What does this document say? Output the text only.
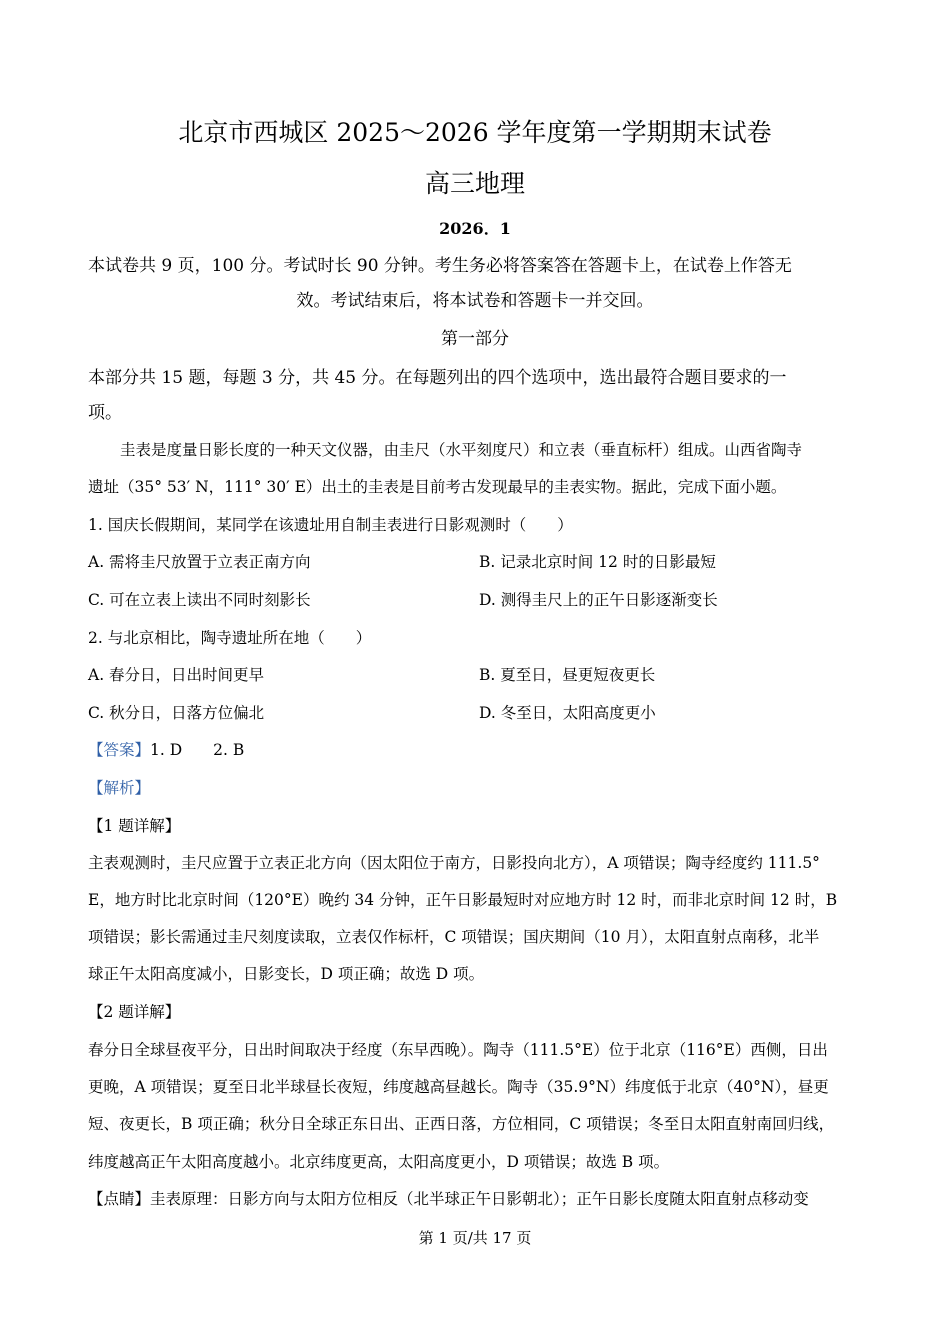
北京市西城区 2025～2026 学年度第一学期期末试卷
高三地理
2026．1
本试卷共 9 页，100 分。考试时长 90 分钟。考生务必将答案答在答题卡上，在试卷上作答无
效。考试结束后，将本试卷和答题卡一并交回。
第一部分
本部分共 15 题，每题 3 分，共 45 分。在每题列出的四个选项中，选出最符合题目要求的一
项。
圭表是度量日影长度的一种天文仪器，由圭尺（水平刻度尺）和立表（垂直标杆）组成。山西省陶寺
遗址（35° 53′ N，111° 30′ E）出土的圭表是目前考古发现最早的圭表实物。据此，完成下面小题。
1. 国庆长假期间，某同学在该遗址用自制圭表进行日影观测时（　　）
A. 需将圭尺放置于立表正南方向	B. 记录北京时间 12 时的日影最短
C. 可在立表上读出不同时刻影长	D. 测得圭尺上的正午日影逐渐变长
2. 与北京相比，陶寺遗址所在地（　　）
A. 春分日，日出时间更早	B. 夏至日，昼更短夜更长
C. 秋分日，日落方位偏北	D. 冬至日，太阳高度更小
【答案】1. D　　2. B
【解析】
【1 题详解】
主表观测时，圭尺应置于立表正北方向（因太阳位于南方，日影投向北方），A 项错误；陶寺经度约 111.5°
E，地方时比北京时间（120°E）晚约 34 分钟，正午日影最短时对应地方时 12 时，而非北京时间 12 时，B
项错误；影长需通过圭尺刻度读取，立表仅作标杆，C 项错误；国庆期间（10 月），太阳直射点南移，北半
球正午太阳高度减小，日影变长，D 项正确；故选 D 项。
【2 题详解】
春分日全球昼夜平分，日出时间取决于经度（东早西晚）。陶寺（111.5°E）位于北京（116°E）西侧，日出
更晚，A 项错误；夏至日北半球昼长夜短，纬度越高昼越长。陶寺（35.9°N）纬度低于北京（40°N），昼更
短、夜更长，B 项正确；秋分日全球正东日出、正西日落，方位相同，C 项错误；冬至日太阳直射南回归线，
纬度越高正午太阳高度越小。北京纬度更高，太阳高度更小，D 项错误；故选 B 项。
【点睛】圭表原理：日影方向与太阳方位相反（北半球正午日影朝北）；正午日影长度随太阳直射点移动变
第 1 页/共 17 页
